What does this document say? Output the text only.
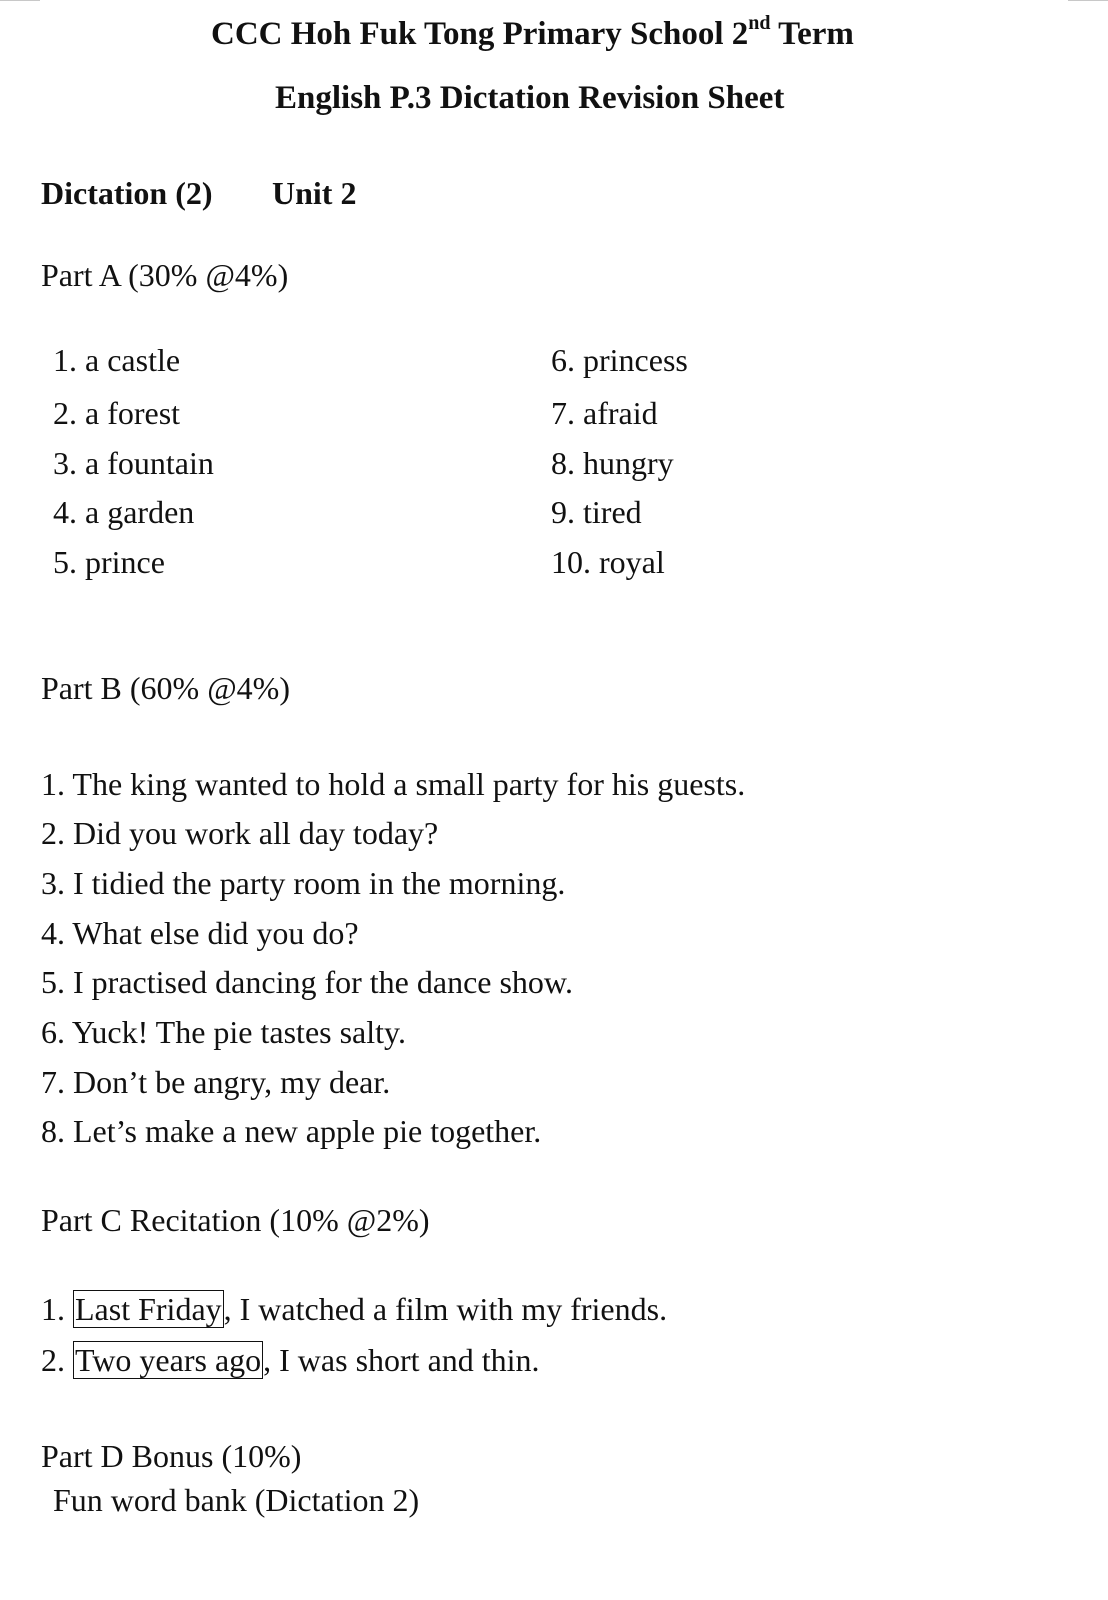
CCC Hoh Fuk Tong Primary School 2nd Term
English P.3 Dictation Revision Sheet
Dictation (2) Unit 2
Part A (30% @4%)
1. a castle
2. a forest
3. a fountain
4. a garden
5. prince
6. princess
7. afraid
8. hungry
9. tired
10. royal
Part B (60% @4%)
1. The king wanted to hold a small party for his guests.
2. Did you work all day today?
3. I tidied the party room in the morning.
4. What else did you do?
5. I practised dancing for the dance show.
6. Yuck! The pie tastes salty.
7. Don’t be angry, my dear.
8. Let’s make a new apple pie together.
Part C Recitation (10% @2%)
1. Last Friday, I watched a film with my friends.
2. Two years ago, I was short and thin.
Part D Bonus (10%)
Fun word bank (Dictation 2)
